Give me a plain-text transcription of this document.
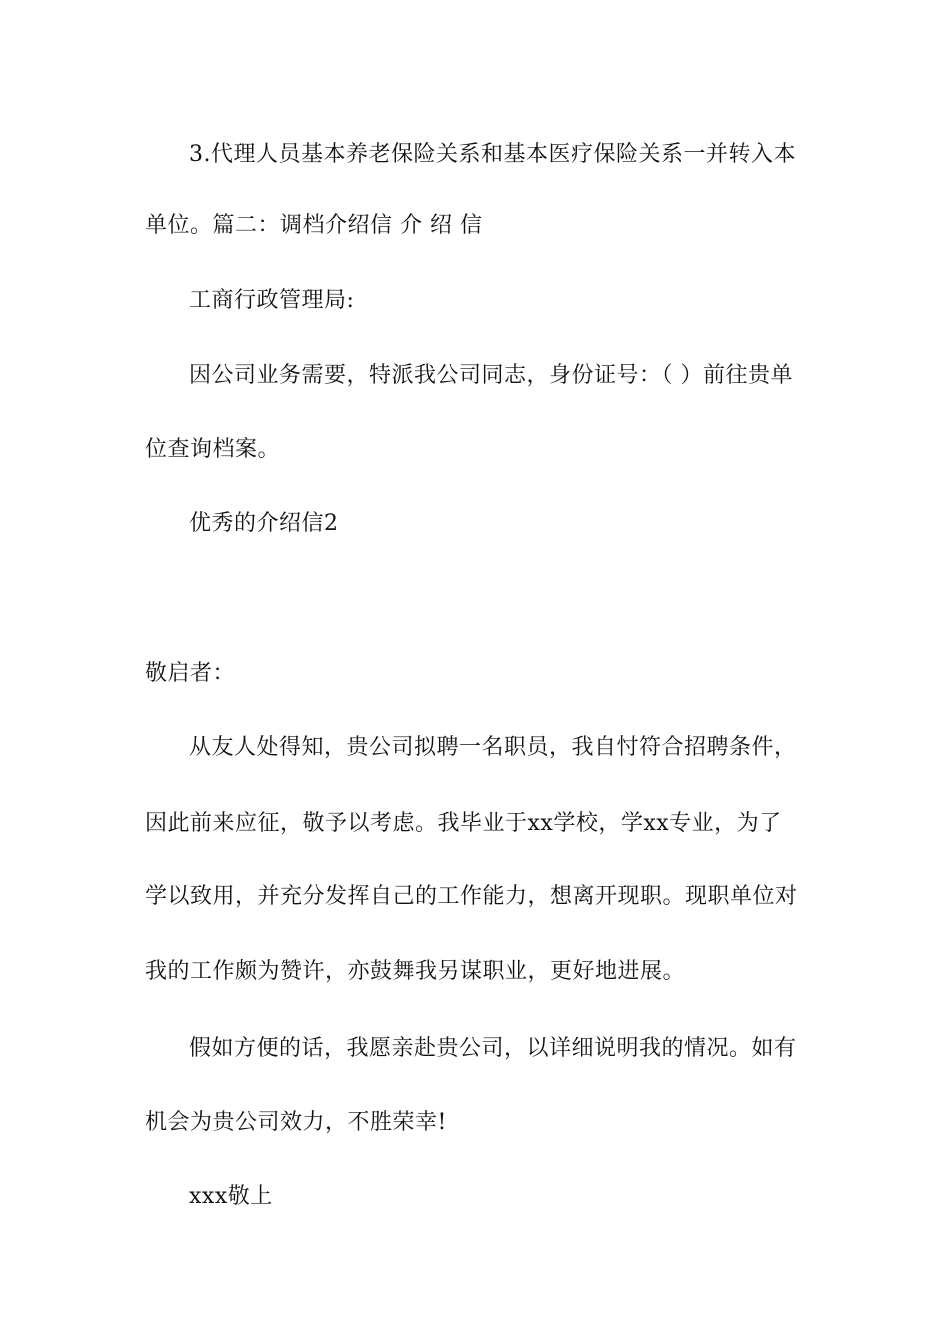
3.代理人员基本养老保险关系和基本医疗保险关系一并转入本
单位。篇二：调档介绍信 介 绍 信
工商行政管理局:
因公司业务需要，特派我公司同志，身份证号：（ ）前往贵单
位查询档案。
优秀的介绍信2
敬启者：
从友人处得知，贵公司拟聘一名职员，我自忖符合招聘条件，
因此前来应征，敬予以考虑。我毕业于xx学校，学xx专业，为了
学以致用，并充分发挥自己的工作能力，想离开现职。现职单位对
我的工作颇为赞许，亦鼓舞我另谋职业，更好地进展。
假如方便的话，我愿亲赴贵公司，以详细说明我的情况。如有
机会为贵公司效力，不胜荣幸!
xxx敬上
